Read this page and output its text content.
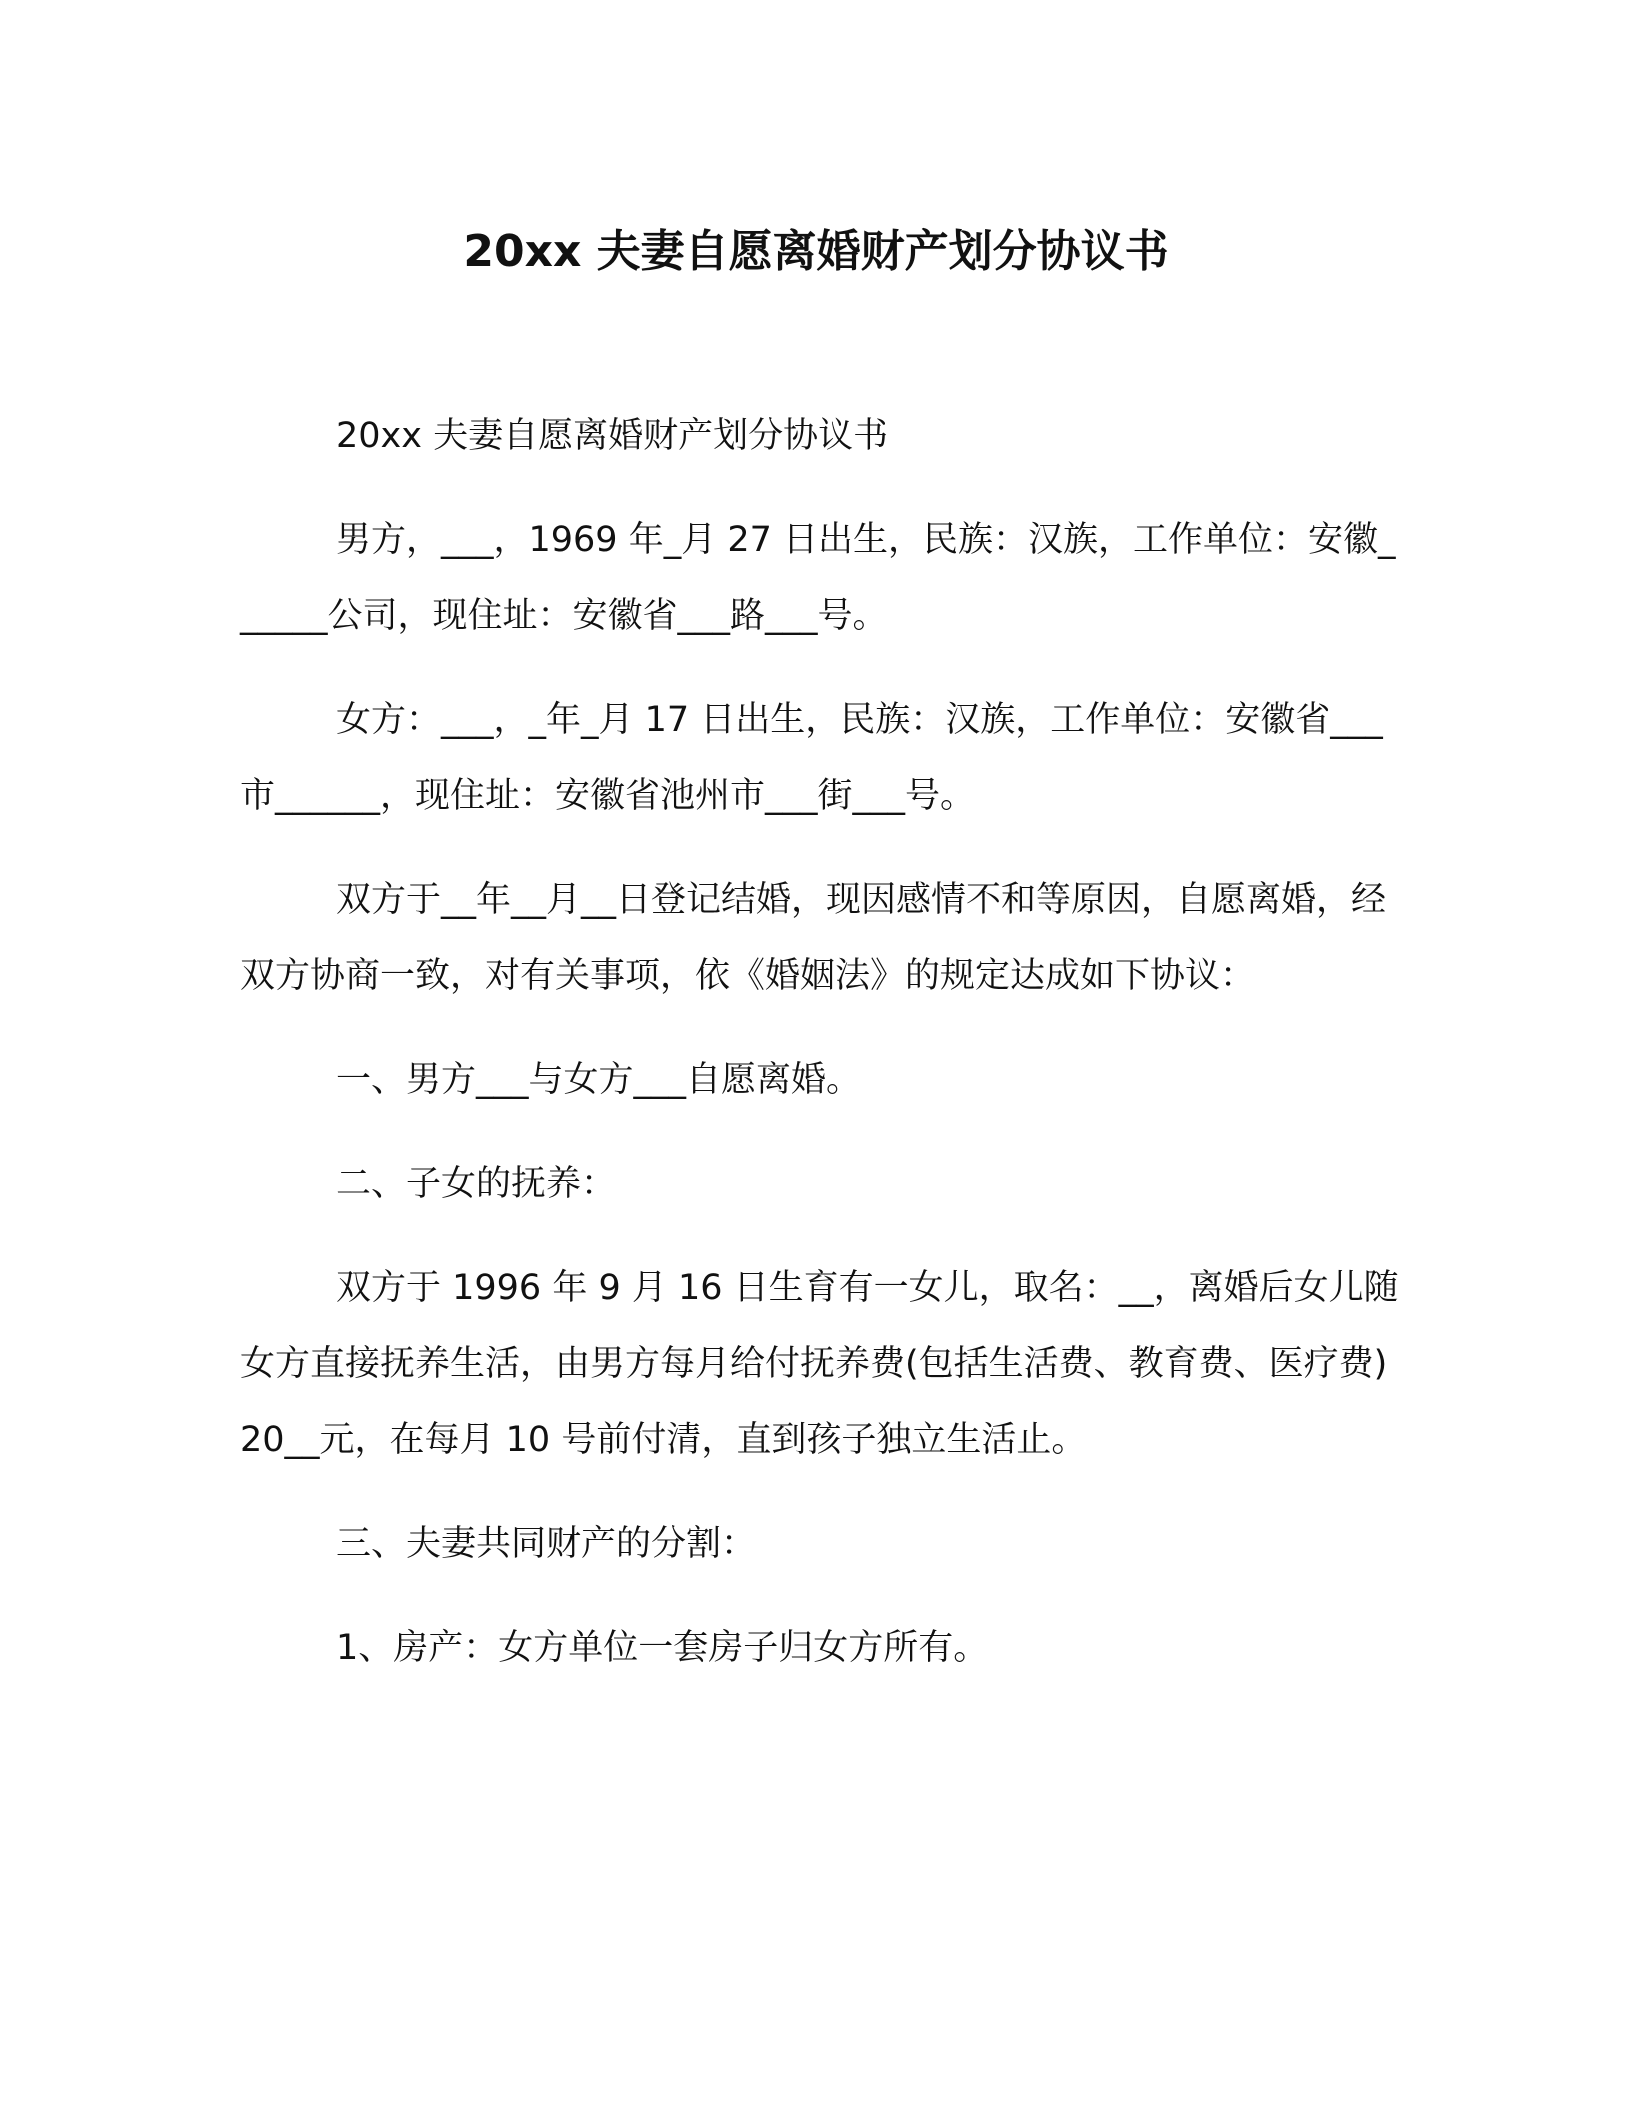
20xx 夫妻自愿离婚财产划分协议书

20xx 夫妻自愿离婚财产划分协议书

男方，___，1969 年_月 27 日出生，民族：汉族，工作单位：安徽______公司，现住址：安徽省___路___号。

女方：___，_年_月 17 日出生，民族：汉族，工作单位：安徽省___市______，现住址：安徽省池州市___街___号。

双方于__年__月__日登记结婚，现因感情不和等原因，自愿离婚，经双方协商一致，对有关事项，依《婚姻法》的规定达成如下协议：

一、男方___与女方___自愿离婚。

二、子女的抚养：

双方于 1996 年 9 月 16 日生育有一女儿，取名：__，离婚后女儿随女方直接抚养生活，由男方每月给付抚养费(包括生活费、教育费、医疗费)20__元，在每月 10 号前付清，直到孩子独立生活止。

三、夫妻共同财产的分割：

1、房产：女方单位一套房子归女方所有。
